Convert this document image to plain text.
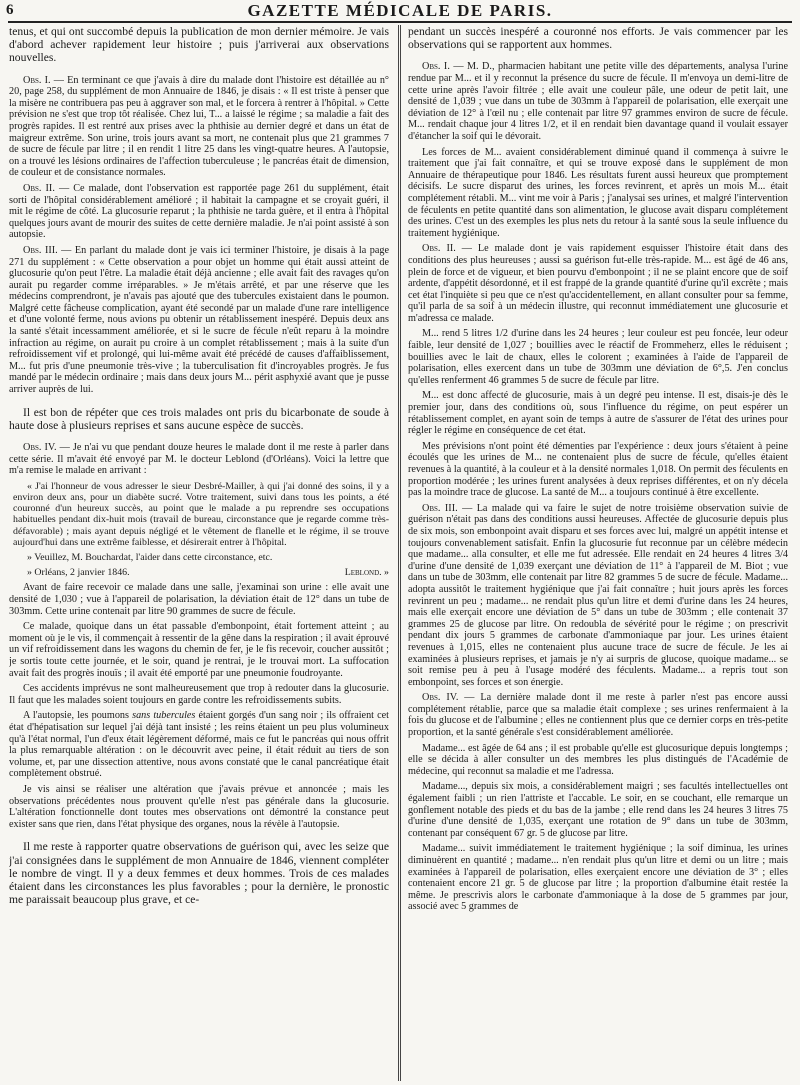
6	GAZETTE MÉDICALE DE PARIS.

tenus, et qui ont succombé depuis la publication de mon dernier mémoire. Je vais d'abord achever rapidement leur histoire ; puis j'arriverai aux observations nouvelles.

Obs. I. — En terminant ce que j'avais à dire du malade dont l'histoire est détaillée au n° 20, page 258, du supplément de mon Annuaire de 1846, je disais : « Il est triste à penser que la misère ne contribuera pas peu à aggraver son mal, et le forcera à rentrer à l'hôpital. » Cette prévision ne s'est que trop tôt réalisée. Chez lui, T... a laissé le régime ; sa maladie a fait des progrès rapides. Il est rentré aux prises avec la phthisie au dernier degré et dans un état de maigreur extrême. Son urine, trois jours avant sa mort, ne contenait plus que 21 grammes 7 de sucre de fécule par litre ; il en rendit 1 litre 25 dans les vingt-quatre heures. A l'autopsie, on a trouvé les lésions ordinaires de l'affection tuberculeuse ; le pancréas était de dimension, de couleur et de consistance normales.

Obs. II. — Ce malade, dont l'observation est rapportée page 261 du supplément, était sorti de l'hôpital considérablement amélioré ; il habitait la campagne et se croyait guéri, il mit le régime de côté. La glucosurie reparut ; la phthisie ne tarda guère, et il entra à l'hôpital quelques jours avant de mourir des suites de cette dernière maladie. Je n'ai point assisté à son autopsie.

Obs. III. — En parlant du malade dont je vais ici terminer l'histoire, je disais à la page 271 du supplément : « Cette observation a pour objet un homme qui était aussi atteint de glucosurie qu'on peut l'être. La maladie était déjà ancienne ; elle avait fait des ravages qu'on aurait pu regarder comme irréparables. » Je m'étais arrêté, et par une réserve que les médecins comprendront, je n'avais pas ajouté que des tubercules existaient dans le poumon. Malgré cette fâcheuse complication, ayant été secondé par un malade d'une rare intelligence et d'une volonté ferme, nous avions pu obtenir un rétablissement inespéré. Depuis deux ans la santé s'était incessamment améliorée, et si le sucre de fécule n'eût reparu à la moindre infraction au régime, on aurait pu croire à un complet rétablissement ; mais à la suite d'un refroidissement vif et prolongé, qui lui-même avait été précédé de causes d'affaiblissement, M... fut pris d'une pneumonie très-vive ; la tuberculisation fit d'incroyables progrès. Je fus mandé par le médecin ordinaire ; mais dans deux jours M... périt asphyxié avant que je pusse arriver auprès de lui.

Il est bon de répéter que ces trois malades ont pris du bicarbonate de soude à haute dose à plusieurs reprises et sans aucune espèce de succès.

Obs. IV. — Je n'ai vu que pendant douze heures le malade dont il me reste à parler dans cette série. Il m'avait été envoyé par M. le docteur Leblond (d'Orléans). Voici la lettre que m'a remise le malade en arrivant :

« J'ai l'honneur de vous adresser le sieur Desbré-Mailler, à qui j'ai donné des soins, il y a environ deux ans, pour un diabète sucré. Votre traitement, suivi dans tous les points, a été couronné d'un heureux succès, au point que le malade a pu reprendre ses occupations habituelles pendant dix-huit mois (travail de bureau, circonstance que je regarde comme très-défavorable) ; mais ayant depuis négligé et le vêtement de flanelle et le régime, il se trouve aujourd'hui dans une extrême faiblesse, et désirerait entrer à l'hôpital.

» Veuillez, M. Bouchardat, l'aider dans cette circonstance, etc.

» Orléans, 2 janvier 1846.	Leblond. »

Avant de faire recevoir ce malade dans une salle, j'examinai son urine : elle avait une densité de 1,030 ; vue à l'appareil de polarisation, la déviation était de 12° dans un tube de 303mm. Cette urine contenait par litre 90 grammes de sucre de fécule.

Ce malade, quoique dans un état passable d'embonpoint, était fortement atteint ; au moment où je le vis, il commençait à ressentir de la gêne dans la respiration ; il avait éprouvé un vif refroidissement dans les wagons du chemin de fer, je le fis recevoir, coucher aussitôt ; je sortis toute cette journée, et le soir, quand je rentrai, je le trouvai mort. La suffocation avait fait des progrès inouïs ; il avait été emporté par une pneumonie foudroyante.

Ces accidents imprévus ne sont malheureusement que trop à redouter dans la glucosurie. Il faut que les malades soient toujours en garde contre les refroidissements subits.

A l'autopsie, les poumons sans tubercules étaient gorgés d'un sang noir ; ils offraient cet état d'hépatisation sur lequel j'ai déjà tant insisté ; les reins étaient un peu plus volumineux qu'à l'état normal, l'un d'eux était légèrement déformé, mais ce fut le pancréas qui nous offrit la plus remarquable altération : on le découvrit avec peine, il était réduit au tiers de son volume, et, par une dissection attentive, nous avons constaté que le canal pancréatique était complètement obstrué.

Je vis ainsi se réaliser une altération que j'avais prévue et annoncée ; mais les observations précédentes nous prouvent qu'elle n'est pas générale dans la glucosurie. L'altération fonctionnelle dont toutes mes observations ont démontré la constance peut exister sans que rien, dans l'état physique des organes, nous la révèle à l'autopsie.

Il me reste à rapporter quatre observations de guérison qui, avec les seize que j'ai consignées dans le supplément de mon Annuaire de 1846, viennent compléter le nombre de vingt. Il y a deux femmes et deux hommes. Trois de ces malades étaient dans les circonstances les plus favorables ; pour la dernière, le pronostic me paraissait beaucoup plus grave, et ce-

pendant un succès inespéré a couronné nos efforts. Je vais commencer par les observations qui se rapportent aux hommes.

Obs. I. — M. D., pharmacien habitant une petite ville des départements, analysa l'urine rendue par M... et il y reconnut la présence du sucre de fécule. Il m'envoya un demi-litre de cette urine après l'avoir filtrée ; elle avait une couleur pâle, une odeur de petit lait, une densité de 1,039 ; vue dans un tube de 303mm à l'appareil de polarisation, elle exerçait une déviation de 12° à l'œil nu ; elle contenait par litre 97 grammes environ de sucre de fécule. M... rendait chaque jour 4 litres 1/2, et il en rendait bien davantage quand il voulait essayer d'étancher la soif qui le dévorait.

Les forces de M... avaient considérablement diminué quand il commença à suivre le traitement que j'ai fait connaître, et qui se trouve exposé dans le supplément de mon Annuaire de thérapeutique pour 1846. Les résultats furent aussi heureux que promptement décisifs. Le sucre disparut des urines, les forces revinrent, et après un mois M... était complétement rétabli. M... vint me voir à Paris ; j'analysai ses urines, et malgré l'intervention de féculents en petite quantité dans son alimentation, le glucose avait disparu complétement des urines. C'est un des exemples les plus nets du retour à la santé sous la seule influence du traitement hygiénique.

Obs. II. — Le malade dont je vais rapidement esquisser l'histoire était dans des conditions des plus heureuses ; aussi sa guérison fut-elle très-rapide. M... est âgé de 46 ans, plein de force et de vigueur, et bien pourvu d'embonpoint ; il ne se plaint encore que de soif ardente, d'appétit désordonné, et il est frappé de la grande quantité d'urine qu'il excrète ; mais cet état l'inquiète si peu que ce n'est qu'accidentellement, en allant consulter pour sa femme, qu'il parla de sa soif à un médecin illustre, qui reconnut immédiatement une glucosurie et m'adressa ce malade.

M... rend 5 litres 1/2 d'urine dans les 24 heures ; leur couleur est peu foncée, leur odeur faible, leur densité de 1,027 ; bouillies avec le réactif de Frommeherz, elles le réduisent ; bouillies avec le lait de chaux, elles le colorent ; examinées à l'aide de l'appareil de polarisation, elles exercent dans un tube de 303mm une déviation de 6°,5. J'en conclus qu'elles renferment 46 grammes 5 de sucre de fécule par litre.

M... est donc affecté de glucosurie, mais à un degré peu intense. Il est, disais-je dès le premier jour, dans des conditions où, sous l'influence du régime, on peut espérer un rétablissement complet, en ayant soin de temps à autre de s'assurer de l'état des urines pour régler le régime en conséquence de cet état.

Mes prévisions n'ont point été démenties par l'expérience : deux jours s'étaient à peine écoulés que les urines de M... ne contenaient plus de sucre de fécule, qu'elles étaient revenues à la quantité, à la couleur et à la densité normales 1,018. On permit des féculents en proportion modérée ; les urines furent analysées à deux reprises différentes, et on n'y décela pas la moindre trace de glucose. La santé de M... a toujours continué à être excellente.

Obs. III. — La malade qui va faire le sujet de notre troisième observation suivie de guérison n'était pas dans des conditions aussi heureuses. Affectée de glucosurie depuis plus de six mois, son embonpoint avait disparu et ses forces avec lui, malgré un appétit intense et toujours convenablement satisfait. Enfin la glucosurie fut reconnue par un célèbre médecin que madame... alla consulter, et elle me fut adressée. Elle rendait en 24 heures 4 litres 3/4 d'urine d'une densité de 1,039 exerçant une déviation de 11° à l'appareil de M. Biot ; vue dans un tube de 303mm, elle contenait par litre 82 grammes 5 de sucre de fécule. Madame... adopta aussitôt le traitement hygiénique que j'ai fait connaître ; huit jours après les forces revinrent un peu ; madame... ne rendait plus qu'un litre et demi d'urine dans les 24 heures, mais elle exerçait encore une déviation de 5° dans un tube de 303mm ; elle contenait 37 grammes 25 de glucose par litre. On redoubla de sévérité pour le régime ; on prescrivit pendant dix jours 5 grammes de carbonate d'ammoniaque par jour. Les urines étaient revenues à 1,015, elles ne contenaient plus aucune trace de sucre de fécule. Je les ai examinées à plusieurs reprises, et jamais je n'y ai surpris de glucose, quoique madame... se soit remise peu à peu à l'usage modéré des féculents. Madame... a repris tout son embonpoint, ses forces et son énergie.

Obs. IV. — La dernière malade dont il me reste à parler n'est pas encore aussi complétement rétablie, parce que sa maladie était complexe ; ses urines renfermaient à la fois du glucose et de l'albumine ; elles ne contiennent plus que ce dernier corps en très-petite proportion, et la santé générale s'est considérablement améliorée.

Madame... est âgée de 64 ans ; il est probable qu'elle est glucosurique depuis longtemps ; elle se décida à aller consulter un des membres les plus distingués de l'Académie de médecine, qui reconnut sa maladie et me l'adressa.

Madame..., depuis six mois, a considérablement maigri ; ses facultés intellectuelles ont également faibli ; un rien l'attriste et l'accable. Le soir, en se couchant, elle remarque un gonflement notable des pieds et du bas de la jambe ; elle rend dans les 24 heures 3 litres 75 d'urine d'une densité de 1,035, exerçant une rotation de 9° dans un tube de 303mm, contenant par conséquent 67 gr. 5 de glucose par litre.

Madame... suivit immédiatement le traitement hygiénique ; la soif diminua, les urines diminuèrent en quantité ; madame... n'en rendait plus qu'un litre et demi ou un litre ; mais examinées à l'appareil de polarisation, elles exerçaient encore une déviation de 3° ; elles contenaient encore 21 gr. 5 de glucose par litre ; la proportion d'albumine était restée la même. Je prescrivis alors le carbonate d'ammoniaque à la dose de 5 grammes par jour, associé avec 5 grammes de
